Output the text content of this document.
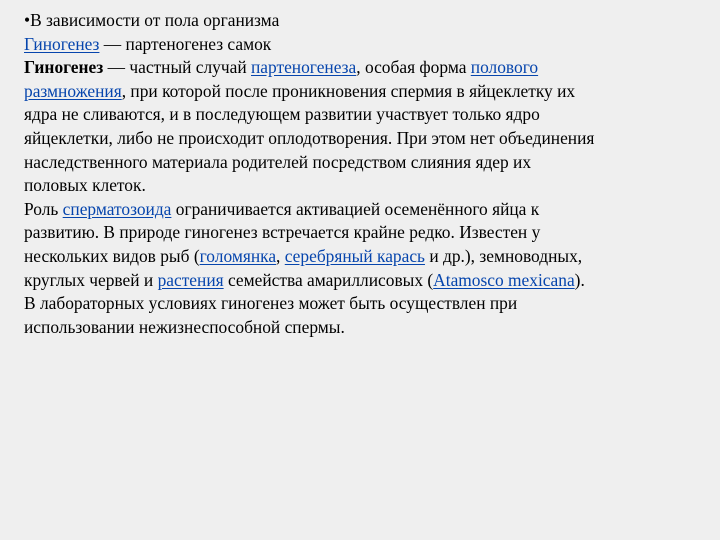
•В зависимости от пола организма
Гиногенез — партеногенез самок
Гиногенез — частный случай партеногенеза, особая форма полового
размножения, при которой после проникновения спермия в яйцеклетку их
ядра не сливаются, и в последующем развитии участвует только ядро
яйцеклетки, либо не происходит оплодотворения. При этом нет объединения
наследственного материала родителей посредством слияния ядер их
половых клеток.
Роль сперматозоида ограничивается активацией осеменённого яйца к
развитию. В природе гиногенез встречается крайне редко. Известен у
нескольких видов рыб (голомянка, серебряный карась и др.), земноводных,
круглых червей и растения семейства амариллисовых (Atamosco mexicana).
В лабораторных условиях гиногенез может быть осуществлен при
использовании нежизнеспособной спермы.
